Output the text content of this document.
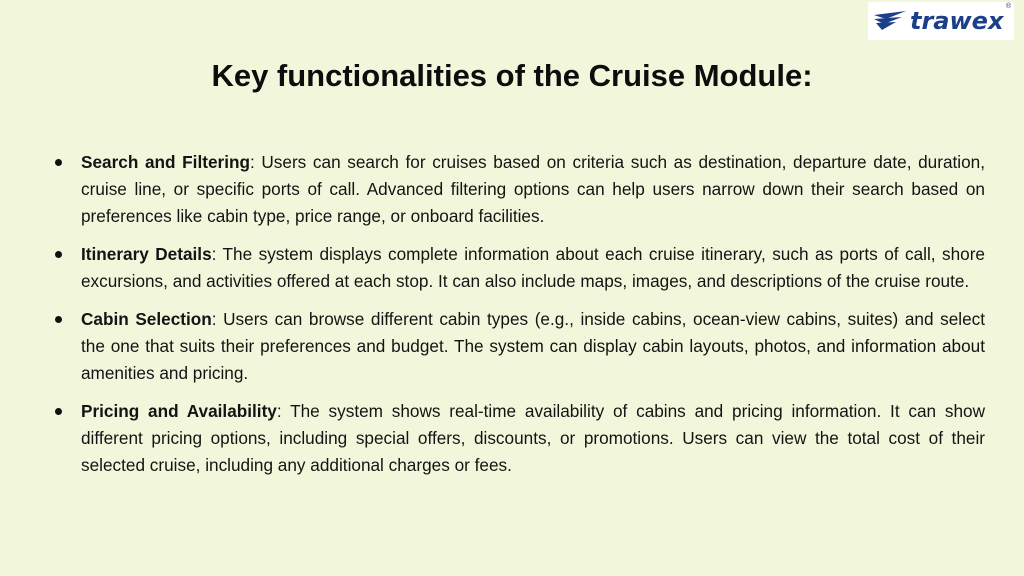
trawex
®
Key functionalities of the Cruise Module:
Search and Filtering: Users can search for cruises based on criteria such as destination, departure date, duration, cruise line, or specific ports of call. Advanced filtering options can help users narrow down their search based on preferences like cabin type, price range, or onboard facilities.
Itinerary Details: The system displays complete information about each cruise itinerary, such as ports of call, shore excursions, and activities offered at each stop. It can also include maps, images, and descriptions of the cruise route.
Cabin Selection: Users can browse different cabin types (e.g., inside cabins, ocean-view cabins, suites) and select the one that suits their preferences and budget. The system can display cabin layouts, photos, and information about amenities and pricing.
Pricing and Availability: The system shows real-time availability of cabins and pricing information. It can show different pricing options, including special offers, discounts, or promotions. Users can view the total cost of their selected cruise, including any additional charges or fees.
